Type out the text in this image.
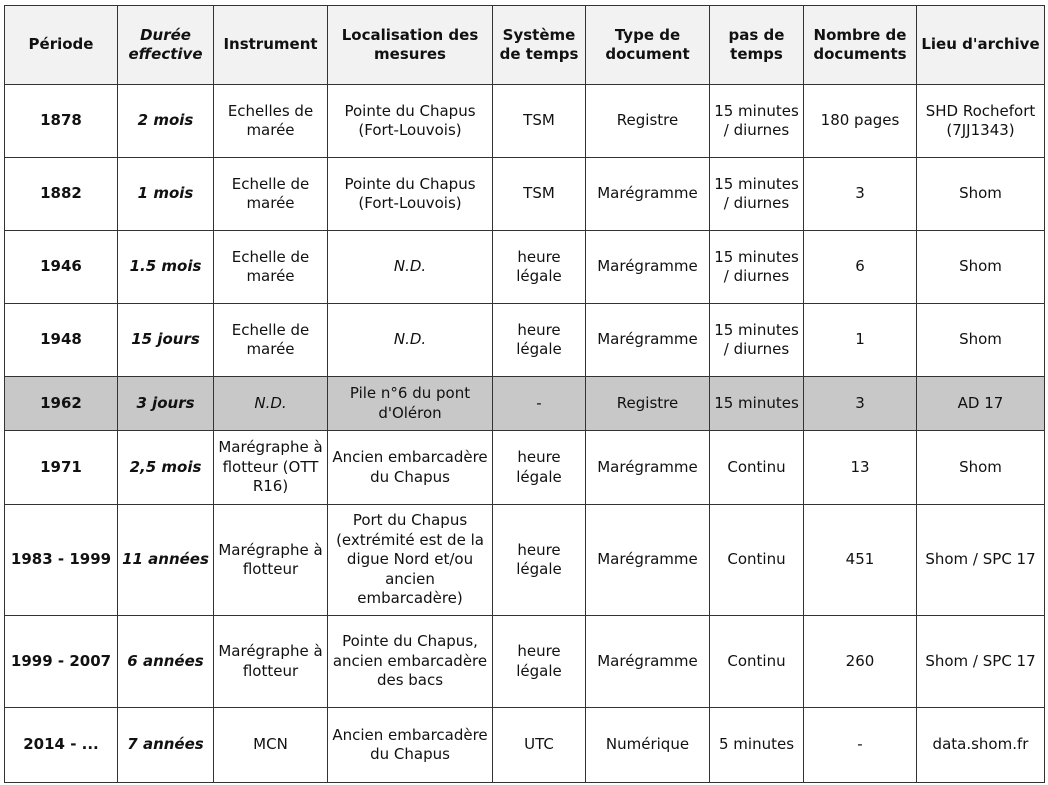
Période	Durée effective	Instrument	Localisation des mesures	Système de temps	Type de document	pas de temps	Nombre de documents	Lieu d'archive
1878	2 mois	Echelles de marée	Pointe du Chapus (Fort-Louvois)	TSM	Registre	15 minutes / diurnes	180 pages	SHD Rochefort (7JJ1343)
1882	1 mois	Echelle de marée	Pointe du Chapus (Fort-Louvois)	TSM	Marégramme	15 minutes / diurnes	3	Shom
1946	1.5 mois	Echelle de marée	N.D.	heure légale	Marégramme	15 minutes / diurnes	6	Shom
1948	15 jours	Echelle de marée	N.D.	heure légale	Marégramme	15 minutes / diurnes	1	Shom
1962	3 jours	N.D.	Pile n°6 du pont d'Oléron	-	Registre	15 minutes	3	AD 17
1971	2,5 mois	Marégraphe à flotteur (OTT R16)	Ancien embarcadère du Chapus	heure légale	Marégramme	Continu	13	Shom
1983 - 1999	11 années	Marégraphe à flotteur	Port du Chapus (extrémité est de la digue Nord et/ou ancien embarcadère)	heure légale	Marégramme	Continu	451	Shom / SPC 17
1999 - 2007	6 années	Marégraphe à flotteur	Pointe du Chapus, ancien embarcadère des bacs	heure légale	Marégramme	Continu	260	Shom / SPC 17
2014 - ...	7 années	MCN	Ancien embarcadère du Chapus	UTC	Numérique	5 minutes	-	data.shom.fr
